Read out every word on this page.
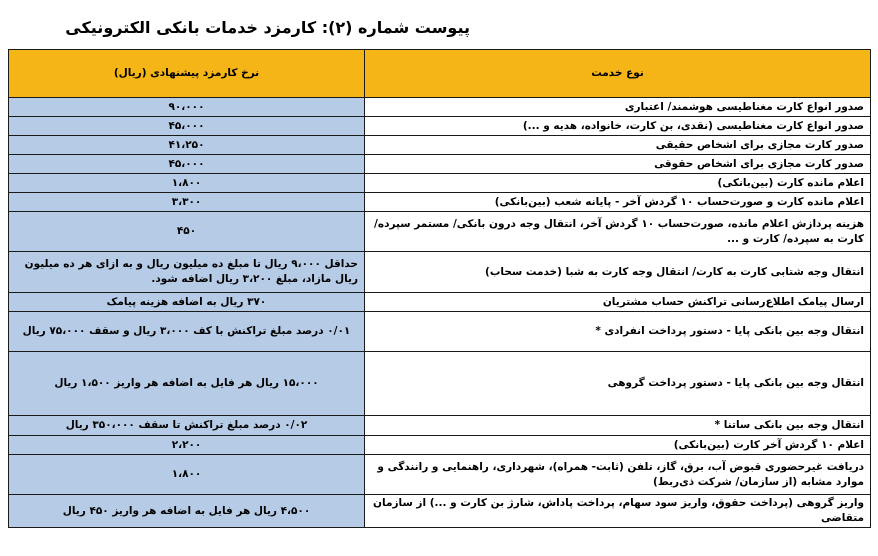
پیوست شماره (۲): کارمزد خدمات بانکی الکترونیکی
نوع خدمت	نرخ کارمزد پیشنهادی (ریال)
صدور انواع کارت مغناطیسی هوشمند/ اعتباری	۹۰،۰۰۰
صدور انواع کارت مغناطیسی (نقدی، بن کارت، خانواده، هدیه و ...)	۴۵،۰۰۰
صدور کارت مجازی برای اشخاص حقیقی	۴۱،۲۵۰
صدور کارت مجازی برای اشخاص حقوقی	۴۵،۰۰۰
اعلام مانده کارت (بین‌بانکی)	۱،۸۰۰
اعلام مانده کارت و صورت‌حساب ۱۰ گردش آخر - پایانه شعب (بین‌بانکی)	۳،۳۰۰
هزینه پردازش اعلام مانده، صورت‌حساب ۱۰ گردش آخر، انتقال وجه درون بانکی/ مستمر سپرده/ کارت به سپرده/ کارت و ...	۴۵۰
انتقال وجه شتابی کارت به کارت/ انتقال وجه کارت به شبا (خدمت سحاب)	حداقل ۹،۰۰۰ ریال تا مبلغ ده میلیون ریال و به ازای هر ده میلیون ریال مازاد، مبلغ ۳،۲۰۰ ریال اضافه شود.
ارسال پیامک اطلاع‌رسانی تراکنش حساب مشتریان	۳۷۰ ریال به اضافه هزینه پیامک
انتقال وجه بین بانکی پایا - دستور پرداخت انفرادی *	۰/۰۱ درصد مبلغ تراکنش با کف ۳،۰۰۰ ریال و سقف ۷۵،۰۰۰ ریال
انتقال وجه بین بانکی پایا - دستور پرداخت گروهی	۱۵،۰۰۰ ریال هر فایل به اضافه هر واریز ۱،۵۰۰ ریال
انتقال وجه بین بانکی ساتنا *	۰/۰۲ درصد مبلغ تراکنش تا سقف ۳۵۰،۰۰۰ ریال
اعلام ۱۰ گردش آخر کارت (بین‌بانکی)	۲،۲۰۰
دریافت غیرحضوری قبوض آب، برق، گاز، تلفن (ثابت- همراه)، شهرداری، راهنمایی و رانندگی و موارد مشابه (از سازمان/ شرکت ذی‌ربط)	۱،۸۰۰
واریز گروهی (پرداخت حقوق، واریز سود سهام، پرداخت پاداش، شارژ بن کارت و ...) از سازمان متقاضی	۴،۵۰۰ ریال هر فایل به اضافه هر واریز ۴۵۰ ریال
